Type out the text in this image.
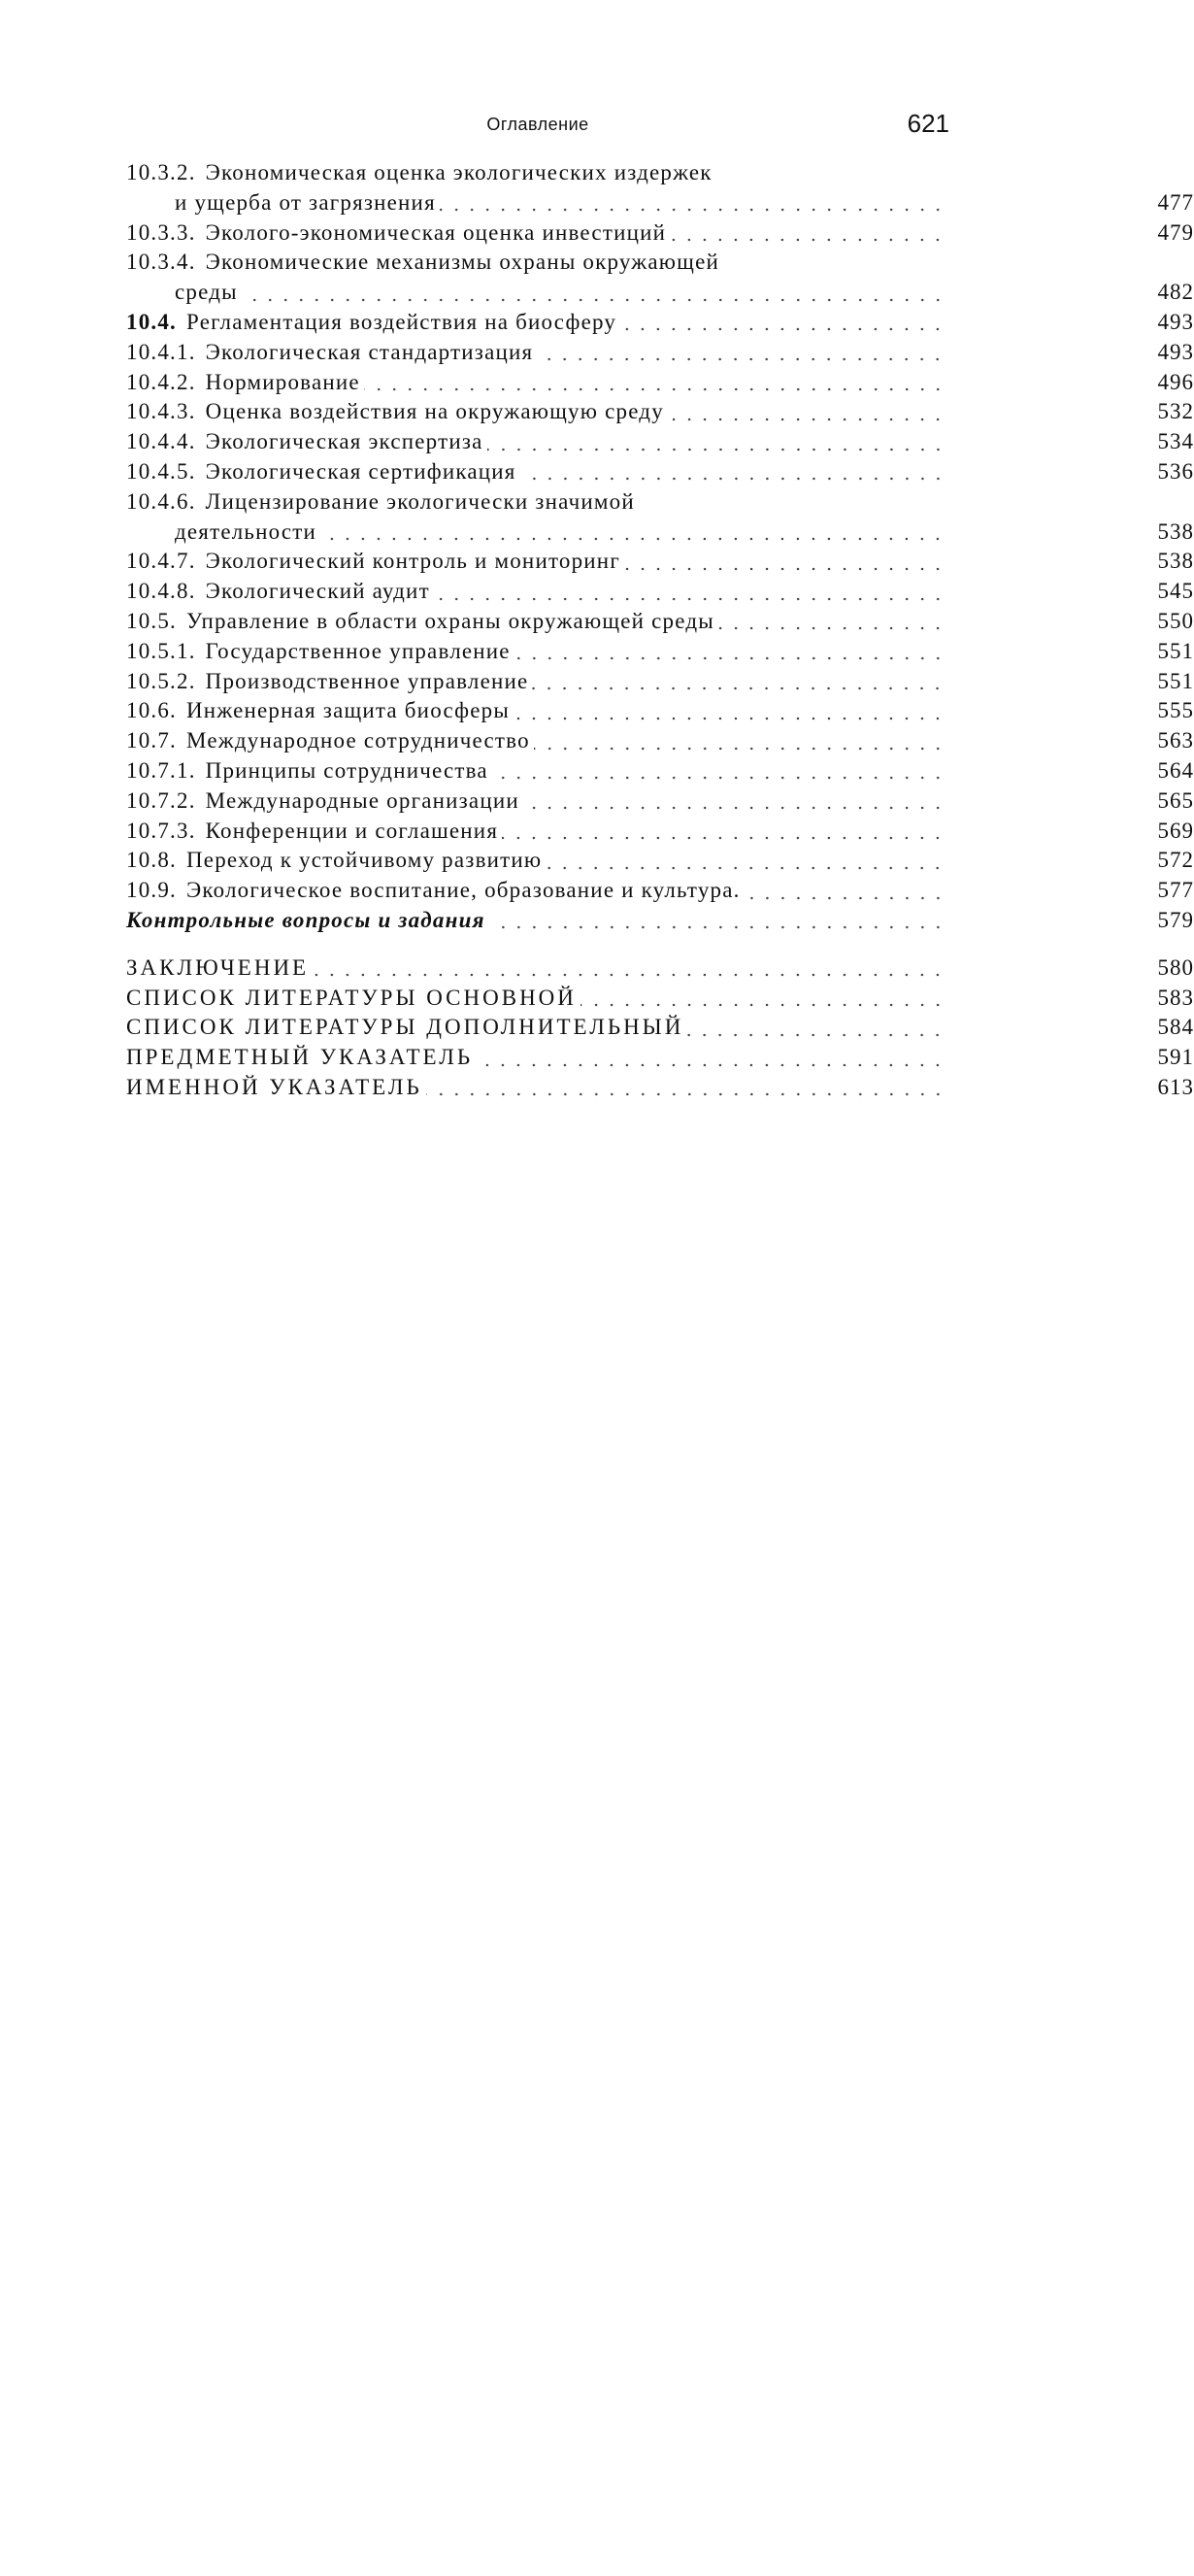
Оглавление	621
10.3.2. Экономическая оценка экологических издержек
и ущерба от загрязнения	477
10.3.3. Эколого-экономическая оценка инвестиций	479
10.3.4. Экономические механизмы охраны окружающей
среды	482
10.4. Регламентация воздействия на биосферу	493
10.4.1. Экологическая стандартизация	493
10.4.2. Нормирование	496
10.4.3. Оценка воздействия на окружающую среду	532
10.4.4. Экологическая экспертиза	534
10.4.5. Экологическая сертификация	536
10.4.6. Лицензирование экологически значимой
деятельности	538
10.4.7. Экологический контроль и мониторинг	538
10.4.8. Экологический аудит	545
10.5. Управление в области охраны окружающей среды	550
10.5.1. Государственное управление	551
10.5.2. Производственное управление	551
10.6. Инженерная защита биосферы	555
10.7. Международное сотрудничество	563
10.7.1. Принципы сотрудничества	564
10.7.2. Международные организации	565
10.7.3. Конференции и соглашения	569
10.8. Переход к устойчивому развитию	572
10.9. Экологическое воспитание, образование и культура.	577
Контрольные вопросы и задания	579
ЗАКЛЮЧЕНИЕ	580
СПИСОК ЛИТЕРАТУРЫ ОСНОВНОЙ	583
СПИСОК ЛИТЕРАТУРЫ ДОПОЛНИТЕЛЬНЫЙ	584
ПРЕДМЕТНЫЙ УКАЗАТЕЛЬ	591
ИМЕННОЙ УКАЗАТЕЛЬ	613
